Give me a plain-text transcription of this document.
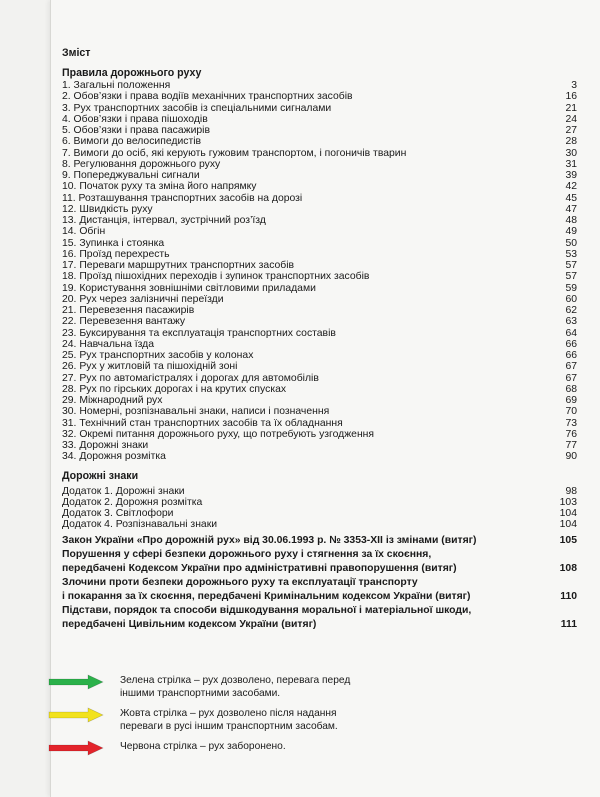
Зміст
Правила дорожнього руху
1. Загальні положення	3
2. Обов’язки і права водіїв механічних транспортних засобів	16
3. Рух транспортних засобів із спеціальними сигналами	21
4. Обов’язки і права пішоходів	24
5. Обов’язки і права пасажирів	27
6. Вимоги до велосипедистів	28
7. Вимоги до осіб, які керують гужовим транспортом, і погоничів тварин	30
8. Регулювання дорожнього руху	31
9. Попереджувальні сигнали	39
10. Початок руху та зміна його напрямку	42
11. Розташування транспортних засобів на дорозі	45
12. Швидкість руху	47
13. Дистанція, інтервал, зустрічний роз’їзд	48
14. Обгін	49
15. Зупинка і стоянка	50
16. Проїзд перехресть	53
17. Переваги маршрутних транспортних засобів	57
18. Проїзд пішохідних переходів і зупинок транспортних засобів	57
19. Користування зовнішніми світловими приладами	59
20. Рух через залізничні переїзди	60
21. Перевезення пасажирів	62
22. Перевезення вантажу	63
23. Буксирування та експлуатація транспортних составів	64
24. Навчальна їзда	66
25. Рух транспортних засобів у колонах	66
26. Рух у житловій та пішохідній зоні	67
27. Рух по автомагістралях і дорогах для автомобілів	67
28. Рух по гірських дорогах і на крутих спусках	68
29. Міжнародний рух	69
30. Номерні, розпізнавальні знаки, написи і позначення	70
31. Технічний стан транспортних засобів та їх обладнання	73
32. Окремі питання дорожнього руху, що потребують узгодження	76
33. Дорожні знаки	77
34. Дорожня розмітка	90
Дорожні знаки
Додаток 1. Дорожні знаки	98
Додаток 2. Дорожня розмітка	103
Додаток 3. Світлофори	104
Додаток 4. Розпізнавальні знаки	104
Закон України «Про дорожній рух» від 30.06.1993 р. № 3353-XII із змінами (витяг)	105
Порушення у сфері безпеки дорожнього руху і стягнення за їх скоєння,
передбачені Кодексом України про адміністративні правопорушення (витяг)	108
Злочини проти безпеки дорожнього руху та експлуатації транспорту
і покарання за їх скоєння, передбачені Кримінальним кодексом України (витяг)	110
Підстави, порядок та способи відшкодування моральної і матеріальної шкоди,
передбачені Цивільним кодексом України (витяг)	111
Зелена стрілка – рух дозволено, перевага перед іншими транспортними засобами.
Жовта стрілка – рух дозволено після надання переваги в русі іншим транспортним засобам.
Червона стрілка – рух заборонено.
